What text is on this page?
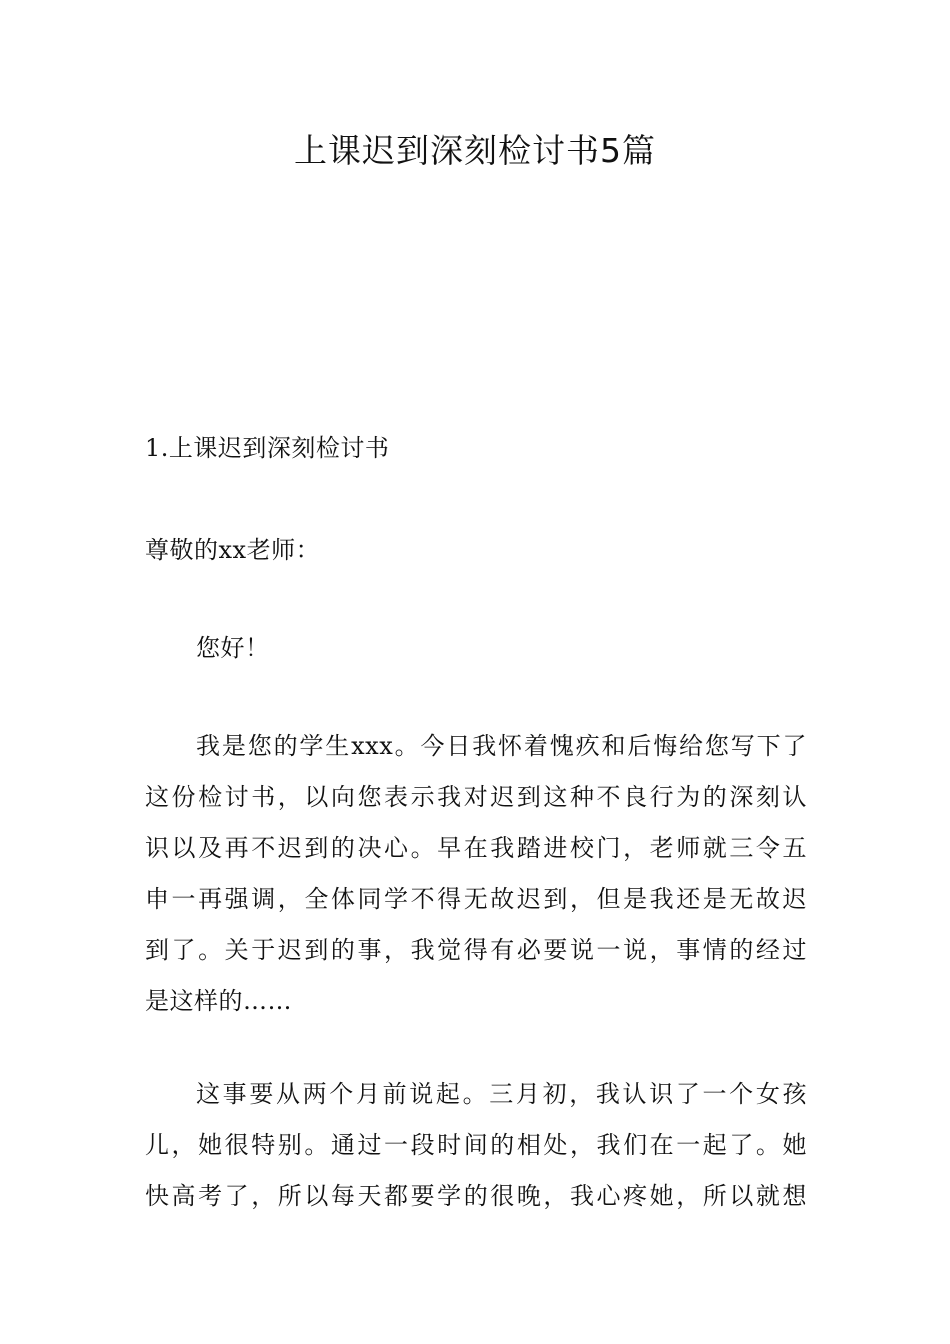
上课迟到深刻检讨书5篇

1.上课迟到深刻检讨书

尊敬的xx老师：

您好！

我是您的学生xxx。今日我怀着愧疚和后悔给您写下了
这份检讨书，以向您表示我对迟到这种不良行为的深刻认
识以及再不迟到的决心。早在我踏进校门，老师就三令五
申一再强调，全体同学不得无故迟到，但是我还是无故迟
到了。关于迟到的事，我觉得有必要说一说，事情的经过
是这样的……
这事要从两个月前说起。三月初，我认识了一个女孩
儿，她很特别。通过一段时间的相处，我们在一起了。她
快高考了，所以每天都要学的很晚，我心疼她，所以就想
